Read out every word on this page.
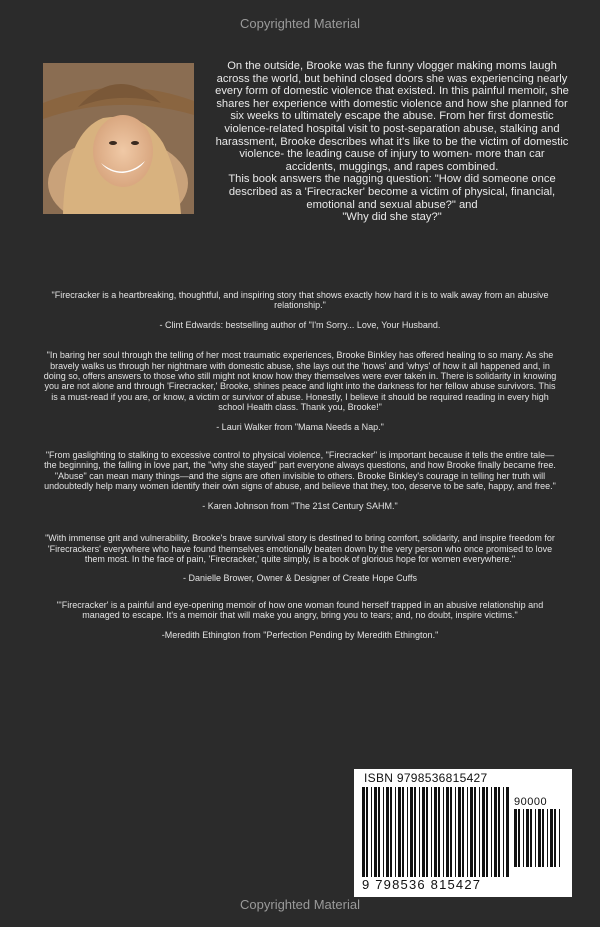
Copyrighted Material

On the outside, Brooke was the funny vlogger making moms laugh across the world, but behind closed doors she was experiencing nearly every form of domestic violence that existed. In this painful memoir, she shares her experience with domestic violence and how she planned for six weeks to ultimately escape the abuse. From her first domestic violence-related hospital visit to post-separation abuse, stalking and harassment, Brooke describes what it's like to be the victim of domestic violence- the leading cause of injury to women- more than car accidents, muggings, and rapes combined.

This book answers the nagging question: "How did someone once described as a 'Firecracker' become a victim of physical, financial, emotional and sexual abuse?" and

"Why did she stay?"

"Firecracker is a heartbreaking, thoughtful, and inspiring story that shows exactly how hard it is to walk away from an abusive relationship."

- Clint Edwards: bestselling author of "I'm Sorry... Love, Your Husband.

"In baring her soul through the telling of her most traumatic experiences, Brooke Binkley has offered healing to so many. As she bravely walks us through her nightmare with domestic abuse, she lays out the 'hows' and 'whys' of how it all happened and, in doing so, offers answers to those who still might not know how they themselves were ever taken in. There is solidarity in knowing you are not alone and through 'Firecracker,' Brooke, shines peace and light into the darkness for her fellow abuse survivors. This is a must-read if you are, or know, a victim or survivor of abuse. Honestly, I believe it should be required reading in every high school Health class. Thank you, Brooke!"

- Lauri Walker from "Mama Needs a Nap."

"From gaslighting to stalking to excessive control to physical violence, "Firecracker" is important because it tells the entire tale—the beginning, the falling in love part, the "why she stayed" part everyone always questions, and how Brooke finally became free. "Abuse" can mean many things—and the signs are often invisible to others. Brooke Binkley's courage in telling her truth will undoubtedly help many women identify their own signs of abuse, and believe that they, too, deserve to be safe, happy, and free."

- Karen Johnson from "The 21st Century SAHM."

"With immense grit and vulnerability, Brooke's brave survival story is destined to bring comfort, solidarity, and inspire freedom for 'Firecrackers' everywhere who have found themselves emotionally beaten down by the very person who once promised to love them most. In the face of pain, 'Firecracker,' quite simply, is a book of glorious hope for women everywhere."

- Danielle Brower, Owner & Designer of Create Hope Cuffs

"'Firecracker' is a painful and eye-opening memoir of how one woman found herself trapped in an abusive relationship and managed to escape. It's a memoir that will make you angry, bring you to tears; and, no doubt, inspire victims."

-Meredith Ethington from "Perfection Pending by Meredith Ethington."

ISBN 9798536815427
90000
9 798536 815427
Copyrighted Material
